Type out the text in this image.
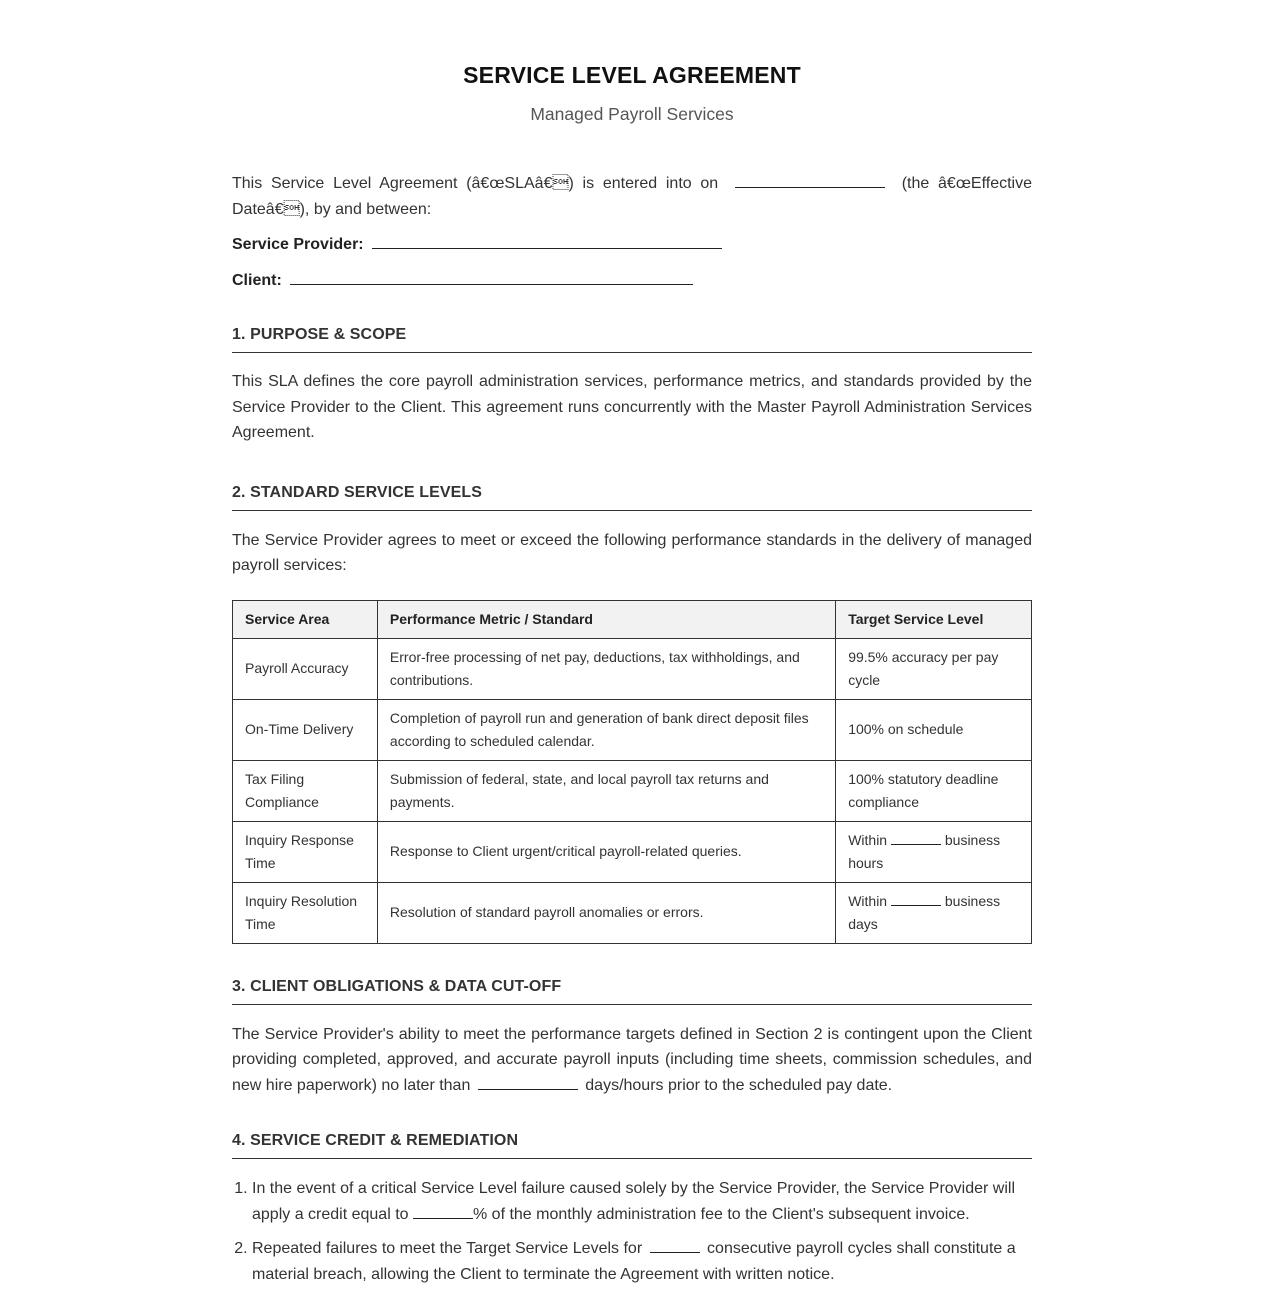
SERVICE LEVEL AGREEMENT
Managed Payroll Services

This Service Level Agreement (â€œSLAâ€) is entered into on	(the â€œEffective Dateâ€), by and between:

Service Provider:
Client:
1. PURPOSE & SCOPE

This SLA defines the core payroll administration services, performance metrics, and standards provided by the Service Provider to the Client. This agreement runs concurrently with the Master Payroll Administration Services Agreement.

2. STANDARD SERVICE LEVELS

The Service Provider agrees to meet or exceed the following performance standards in the delivery of managed payroll services:

Service Area	Performance Metric / Standard	Target Service Level
Payroll Accuracy	Error-free processing of net pay, deductions, tax withholdings, and contributions.	99.5% accuracy per pay cycle
On-Time Delivery	Completion of payroll run and generation of bank direct deposit files according to scheduled calendar.	100% on schedule
Tax Filing Compliance	Submission of federal, state, and local payroll tax returns and payments.	100% statutory deadline compliance
Inquiry Response Time	Response to Client urgent/critical payroll-related queries.	Within business hours
Inquiry Resolution Time	Resolution of standard payroll anomalies or errors.	Within business days
3. CLIENT OBLIGATIONS & DATA CUT-OFF

The Service Provider's ability to meet the performance targets defined in Section 2 is contingent upon the Client providing completed, approved, and accurate payroll inputs (including time sheets, commission schedules, and new hire paperwork) no later than	days/hours prior to the scheduled pay date.

4. SERVICE CREDIT & REMEDIATION
1. In the event of a critical Service Level failure caused solely by the Service Provider, the Service Provider will apply a credit equal to	% of the monthly administration fee to the Client's subsequent invoice.
2. Repeated failures to meet the Target Service Levels for	consecutive payroll cycles shall constitute a material breach, allowing the Client to terminate the Agreement with written notice.
